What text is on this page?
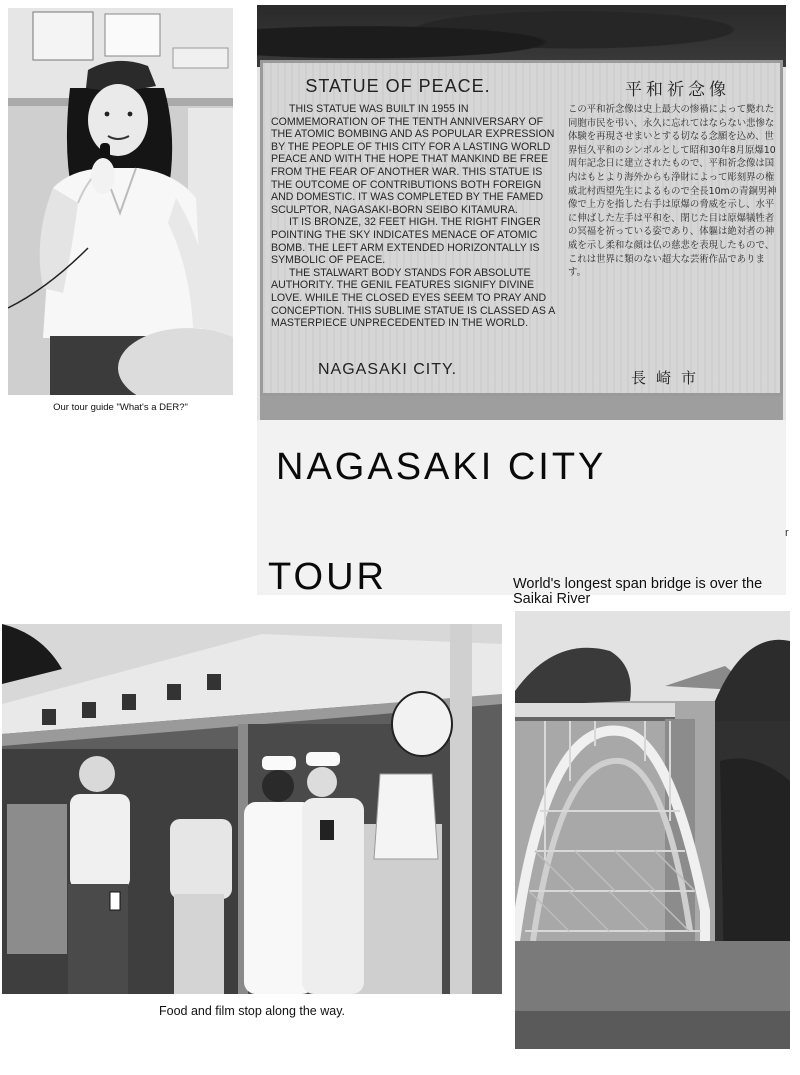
Our tour guide "What's a DER?"
STATUE OF PEACE.

THIS STATUE WAS BUILT IN 1955 IN COMMEMORATION OF THE TENTH ANNIVERSARY OF THE ATOMIC BOMBING AND AS POPULAR EXPRESSION BY THE PEOPLE OF THIS CITY FOR A LASTING WORLD PEACE AND WITH THE HOPE THAT MANKIND BE FREE FROM THE FEAR OF ANOTHER WAR. THIS STATUE IS THE OUTCOME OF CONTRIBUTIONS BOTH FOREIGN AND DOMESTIC. IT WAS COMPLETED BY THE FAMED SCULPTOR, NAGASAKI-BORN SEIBO KITAMURA.

IT IS BRONZE, 32 FEET HIGH. THE RIGHT FINGER POINTING THE SKY INDICATES MENACE OF ATOMIC BOMB. THE LEFT ARM EXTENDED HORIZONTALLY IS SYMBOLIC OF PEACE.

THE STALWART BODY STANDS FOR ABSOLUTE AUTHORITY. THE GENIL FEATURES SIGNIFY DIVINE LOVE. WHILE THE CLOSED EYES SEEM TO PRAY AND CONCEPTION. THIS SUBLIME STATUE IS CLASSED AS A MASTERPIECE UNPRECEDENTED IN THE WORLD.

NAGASAKI CITY.
平和祈念像
この平和祈念像は史上最大の惨禍によって斃れた同胞市民を弔い、永久に忘れてはならない悲惨な体験を再現させまいとする切なる念願を込め、世界恒久平和のシンボルとして昭和30年8月原爆10周年記念日に建立されたもので、平和祈念像は国内はもとより海外からも浄財によって彫刻界の権威北村西望先生によるもので全長10mの青銅男神像で上方を指した右手は原爆の脅威を示し、水平に伸ばした左手は平和を、閉じた目は原爆犠牲者の冥福を祈っている姿であり、体軀は絶対者の神威を示し柔和な顔は仏の慈悲を表現したもので、これは世界に類のない超大な芸術作品であります。
長崎市
NAGASAKI CITY
TOUR
r
World's longest span bridge is over the Saikai River
Food and film stop along the way.
